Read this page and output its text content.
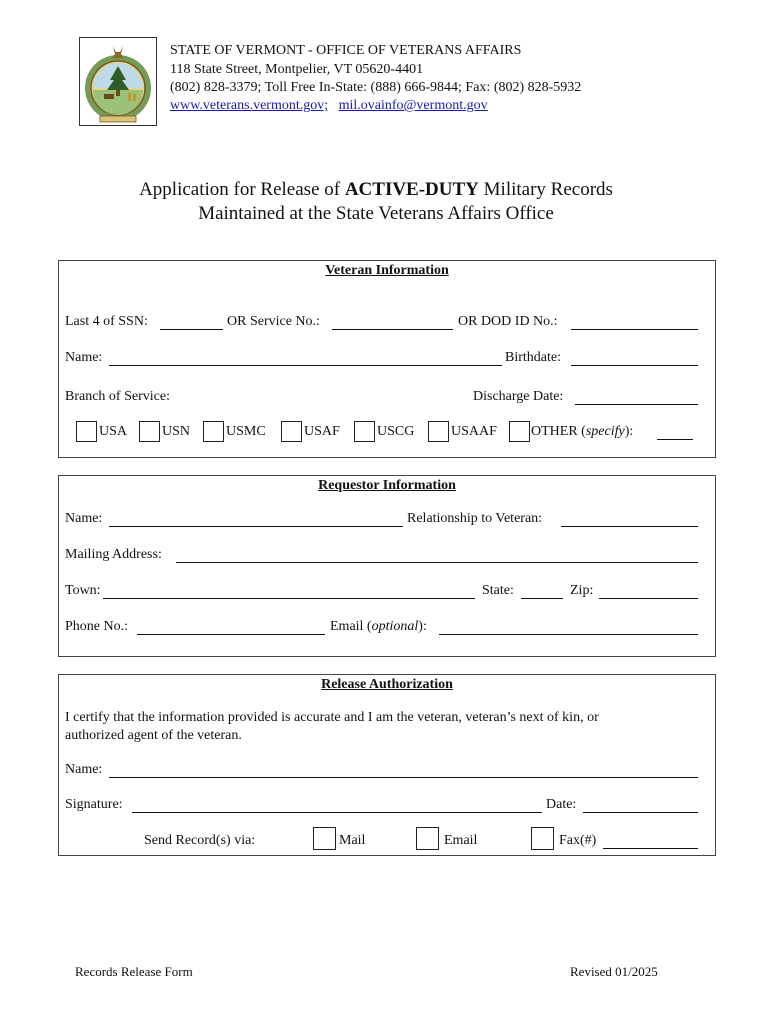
STATE OF VERMONT - OFFICE OF VETERANS AFFAIRS
118 State Street, Montpelier, VT 05620-4401
(802) 828-3379; Toll Free In-State: (888) 666-9844; Fax: (802) 828-5932
www.veterans.vermont.gov; mil.ovainfo@vermont.gov
Application for Release of ACTIVE-DUTY Military Records
Maintained at the State Veterans Affairs Office
Veteran Information
Last 4 of SSN:	OR Service No.:	OR DOD ID No.:
Name:	Birthdate:
Branch of Service:	Discharge Date:
USA USN	USMC	USAF	USCG	USAAF OTHER (specify):
Requestor Information
Name:	Relationship to Veteran:
Mailing Address:
Town:	State:	Zip:
Phone No.:	Email (optional):
Release Authorization
I certify that the information provided is accurate and I am the veteran, veteran’s next of kin, or
authorized agent of the veteran.
Name:
Signature:	Date:
Send Record(s) via:	Mail	Email	Fax(#)
Records Release Form	Revised 01/2025
